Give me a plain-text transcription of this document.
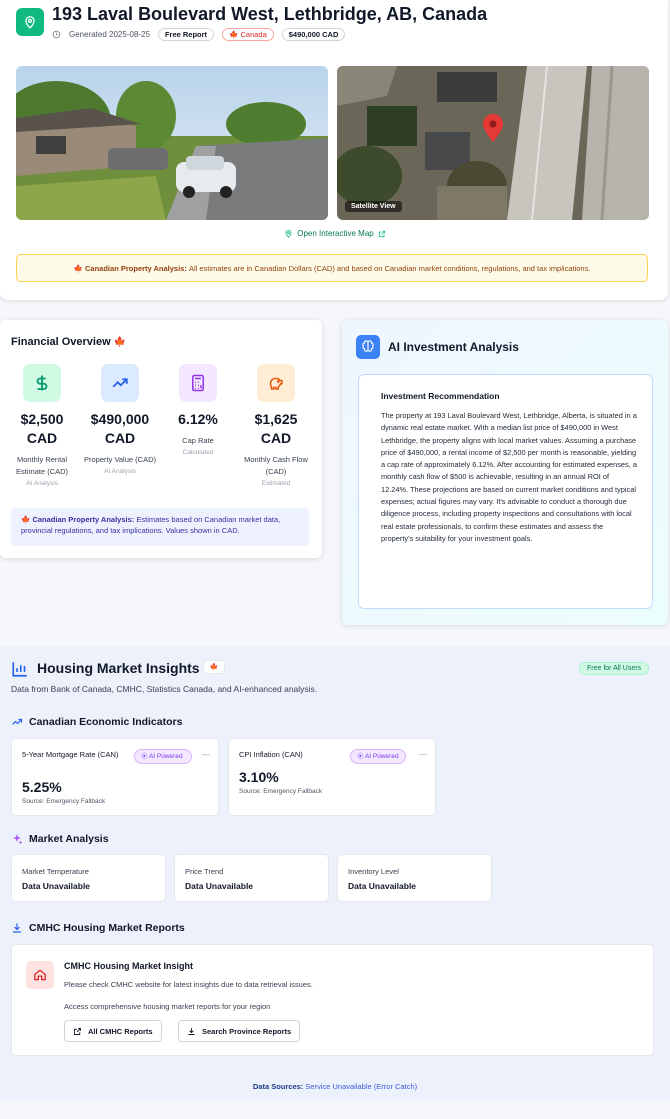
193 Laval Boulevard West, Lethbridge, AB, Canada
Generated 2025-08-25	Free Report	🍁 Canada	$490,000 CAD
Satellite View
Open Interactive Map
🍁
Canadian Property Analysis:
All estimates are in Canadian Dollars (CAD) and based on Canadian market conditions, regulations, and tax implications.
Financial Overview 🍁
$2,500
CAD
Monthly Rental Estimate (CAD)
AI Analysis
$490,000
CAD
Property Value (CAD)
AI Analysis
6.12%
Cap Rate
Calculated
$1,625
CAD
Monthly Cash Flow (CAD)
Estimated
🍁 Canadian Property Analysis: Estimates based on Canadian market data, provincial regulations, and tax implications. Values shown in CAD.
AI Investment Analysis
Investment Recommendation
The property at 193 Laval Boulevard West, Lethbridge, Alberta, is situated in a dynamic real estate market. With a median list price of $490,000 in West Lethbridge, the property aligns with local market values. Assuming a purchase price of $490,000, a rental income of $2,500 per month is reasonable, yielding a cap rate of approximately 6.12%. After accounting for estimated expenses, a monthly cash flow of $500 is achievable, resulting in an annual ROI of 12.24%. These projections are based on current market conditions and typical expenses; actual figures may vary. It's advisable to conduct a thorough due diligence process, including property inspections and consultations with local real estate professionals, to confirm these estimates and assess the property's suitability for your investment goals.
Housing Market Insights 🍁	Free for All Users
Data from Bank of Canada, CMHC, Statistics Canada, and AI-enhanced analysis.
Canadian Economic Indicators
5-Year Mortgage Rate (CAN)	⦿ AI Powered	—
5.25%
Source: Emergency Fallback
CPI Inflation (CAN)	⦿ AI Powered	—
3.10%
Source: Emergency Fallback
Market Analysis
Market Temperature
Data Unavailable
Price Trend
Data Unavailable
Inventory Level
Data Unavailable
CMHC Housing Market Reports
CMHC Housing Market Insight
Please check CMHC website for latest insights due to data retrieval issues.
Access comprehensive housing market reports for your region
All CMHC Reports	Search Province Reports
Data Sources: Service Unavailable (Error Catch)
